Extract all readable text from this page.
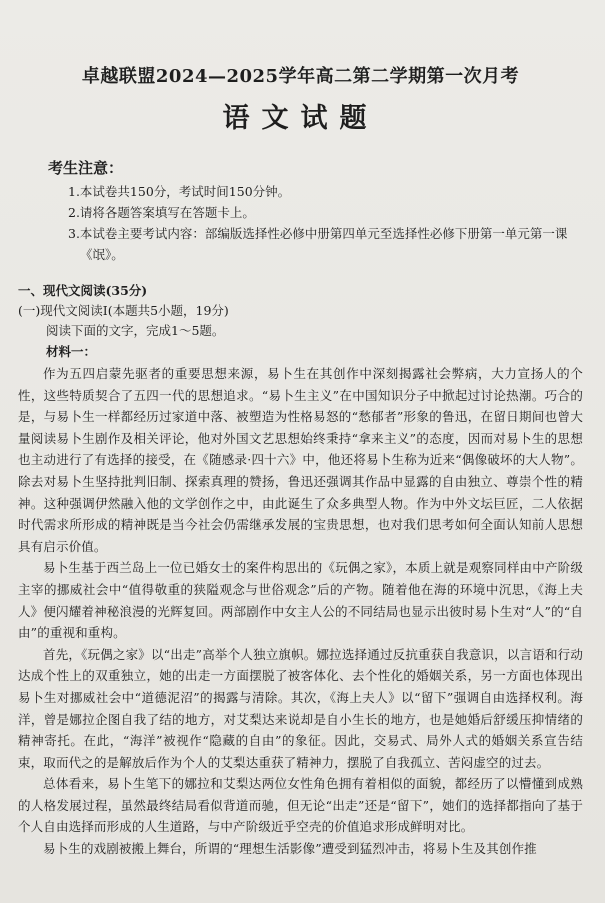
卓越联盟2024—2025学年高二第二学期第一次月考
语文试题

考生注意：

1.本试卷共150分，考试时间150分钟。
2.请将各题答案填写在答题卡上。
3.本试卷主要考试内容：部编版选择性必修中册第四单元至选择性必修下册第一单元第一课《氓》。

一、现代文阅读(35分)

(一)现代文阅读Ⅰ(本题共5小题，19分)

阅读下面的文字，完成1～5题。

材料一：

作为五四启蒙先驱者的重要思想来源，易卜生在其创作中深刻揭露社会弊病，大力宣扬人的个性，这些特质契合了五四一代的思想追求。“易卜生主义”在中国知识分子中掀起过讨论热潮。巧合的是，与易卜生一样都经历过家道中落、被塑造为性格易怒的“愁郁者”形象的鲁迅，在留日期间也曾大量阅读易卜生剧作及相关评论，他对外国文艺思想始终秉持“拿来主义”的态度，因而对易卜生的思想也主动进行了有选择的接受，在《随感录·四十六》中，他还将易卜生称为近来“偶像破坏的大人物”。除去对易卜生坚持批判旧制、探索真理的赞扬，鲁迅还强调其作品中显露的自由独立、尊崇个性的精神。这种强调伊然融入他的文学创作之中，由此诞生了众多典型人物。作为中外文坛巨匠，二人依据时代需求所形成的精神既是当今社会仍需继承发展的宝贵思想，也对我们思考如何全面认知前人思想具有启示价值。

易卜生基于西兰岛上一位已婚女士的案件构思出的《玩偶之家》，本质上就是观察同样由中产阶级主宰的挪威社会中“值得敬重的狭隘观念与世俗观念”后的产物。随着他在海的环境中沉思，《海上夫人》便闪耀着神秘浪漫的光辉复回。两部剧作中女主人公的不同结局也显示出彼时易卜生对“人”的“自由”的重视和重构。

首先，《玩偶之家》以“出走”高举个人独立旗帜。娜拉选择通过反抗重获自我意识，以言语和行动达成个性上的双重独立，她的出走一方面摆脱了被客体化、去个性化的婚姻关系，另一方面也体现出易卜生对挪威社会中“道德泥沼”的揭露与清除。其次，《海上夫人》以“留下”强调自由选择权利。海洋，曾是娜拉企图自我了结的地方，对艾梨达来说却是自小生长的地方，也是她婚后舒缓压抑情绪的精神寄托。在此，“海洋”被视作“隐藏的自由”的象征。因此，交易式、局外人式的婚姻关系宣告结束，取而代之的是解放后作为个人的艾梨达重获了精神力，摆脱了自我孤立、苦闷虚空的过去。

总体看来，易卜生笔下的娜拉和艾梨达两位女性角色拥有着相似的面貌，都经历了以懵懂到成熟的人格发展过程，虽然最终结局看似背道而驰，但无论“出走”还是“留下”，她们的选择都指向了基于个人自由选择而形成的人生道路，与中产阶级近乎空壳的价值追求形成鲜明对比。

易卜生的戏剧被搬上舞台，所谓的“理想生活影像”遭受到猛烈冲击，将易卜生及其创作推
